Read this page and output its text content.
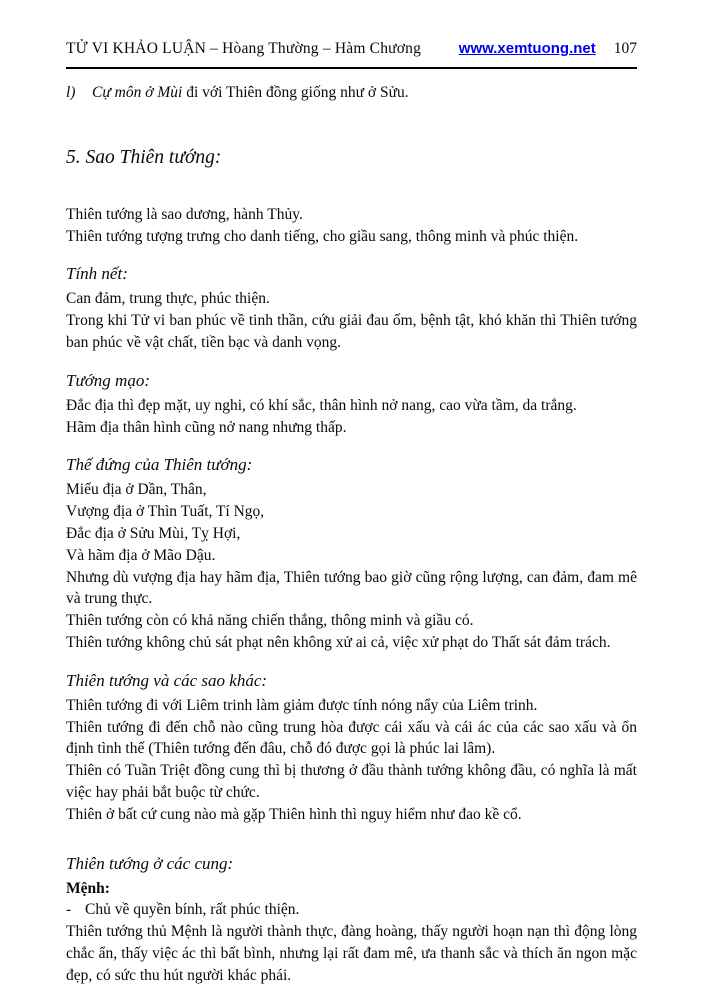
TỬ VI KHẢO LUẬN – Hòang Thường – Hàm Chương	www.xemtuong.net 107
l)	Cự môn ở Mùi đi với Thiên đồng giống như ở Sửu.
5. Sao Thiên tướng:

Thiên tướng là sao dương, hành Thủy.

Thiên tướng tượng trưng cho danh tiếng, cho giầu sang, thông minh và phúc thiện.

Tính nết:

Can đảm, trung thực, phúc thiện.

Trong khi Tử vi ban phúc về tinh thần, cứu giải đau ốm, bệnh tật, khó khăn thì Thiên tướng ban phúc về vật chất, tiền bạc và danh vọng.

Tướng mạo:

Đắc địa thì đẹp mặt, uy nghi, có khí sắc, thân hình nở nang, cao vừa tầm, da trắng.

Hãm địa thân hình cũng nở nang nhưng thấp.

Thế đứng của Thiên tướng:

Miếu địa ở Dần, Thân,

Vượng địa ở Thìn Tuất, Tí Ngọ,

Đắc địa ở Sửu Mùi, Tỵ Hợi,

Và hãm địa ở Mão Dậu.

Nhưng dù vượng địa hay hãm địa, Thiên tướng bao giờ cũng rộng lượng, can đảm, đam mê và trung thực.

Thiên tướng còn có khả năng chiến thắng, thông minh và giầu có.

Thiên tướng không chủ sát phạt nên không xử ai cả, việc xử phạt do Thất sát đảm trách.

Thiên tướng và các sao khác:

Thiên tướng đi với Liêm trinh làm giảm được tính nóng nẩy của Liêm trinh.

Thiên tướng đi đến chỗ nào cũng trung hòa được cái xấu và cái ác của các sao xấu và ổn định tình thế (Thiên tướng đến đâu, chỗ đó được gọi là phúc lai lâm).

Thiên có Tuần Triệt đồng cung thì bị thương ở đầu thành tướng không đầu, có nghĩa là mất việc hay phải bắt buộc từ chức.

Thiên ở bất cứ cung nào mà gặp Thiên hình thì nguy hiểm như đao kề cổ.

Thiên tướng ở các cung:
Mệnh:
- Chủ về quyền bính, rất phúc thiện.

Thiên tướng thủ Mệnh là người thành thực, đàng hoàng, thấy người hoạn nạn thì động lòng chắc ẩn, thấy việc ác thì bất bình, nhưng lại rất đam mê, ưa thanh sắc và thích ăn ngon mặc đẹp, có sức thu hút người khác phái.
